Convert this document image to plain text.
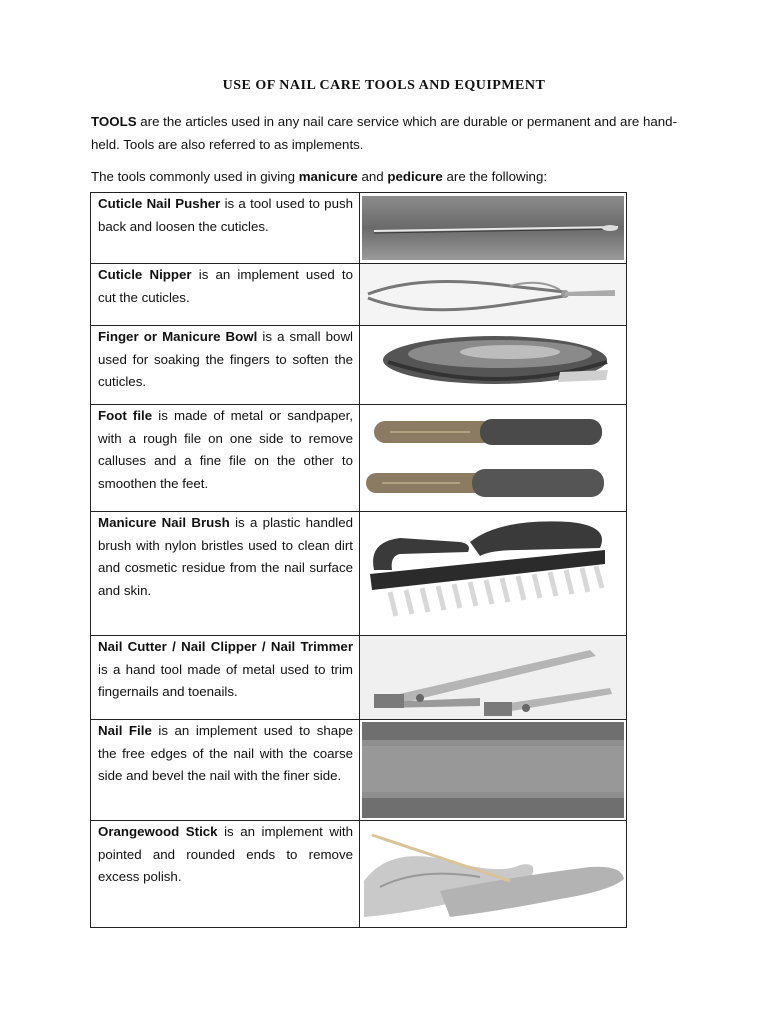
USE OF NAIL CARE TOOLS AND EQUIPMENT
TOOLS are the articles used in any nail care service which are durable or permanent and are hand-held. Tools are also referred to as implements.
The tools commonly used in giving manicure and pedicure are the following:
Cuticle Nail Pusher is a tool used to push back and loosen the cuticles.	

Cuticle Nipper is an implement used to cut the cuticles.	

Finger or Manicure Bowl is a small bowl used for soaking the fingers to soften the cuticles.	

Foot file is made of metal or sandpaper, with a rough file on one side to remove calluses and a fine file on the other to smoothen the feet.	

Manicure Nail Brush is a plastic handled brush with nylon bristles used to clean dirt and cosmetic residue from the nail surface and skin.	

Nail Cutter / Nail Clipper / Nail Trimmer is a hand tool made of metal used to trim fingernails and toenails.	

Nail File is an implement used to shape the free edges of the nail with the coarse side and bevel the nail with the finer side.	

Orangewood Stick is an implement with pointed and rounded ends to remove excess polish.	
